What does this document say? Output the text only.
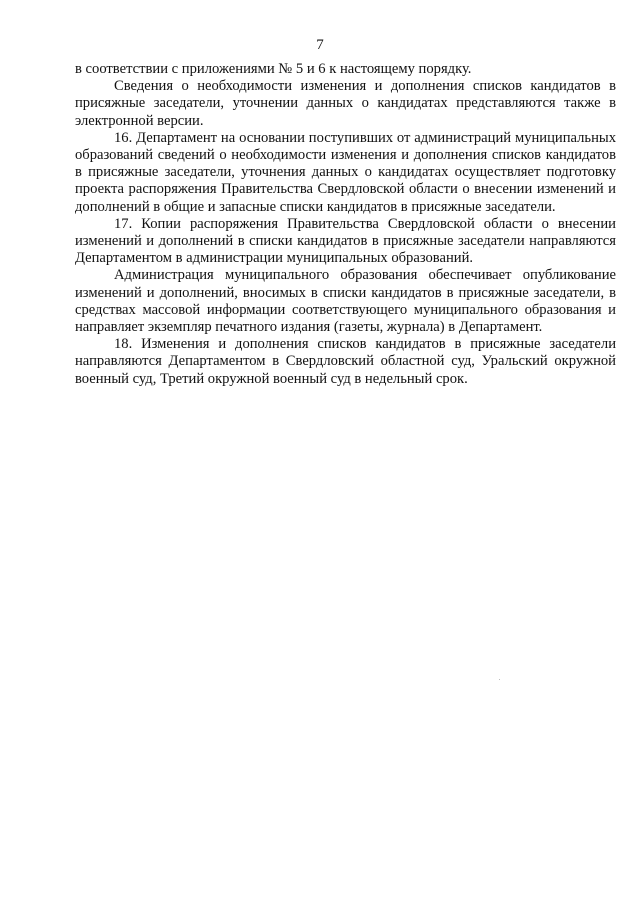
7

в соответствии с приложениями № 5 и 6 к настоящему порядку.

Сведения о необходимости изменения и дополнения списков кандидатов в присяжные заседатели, уточнении данных о кандидатах представляются также в электронной версии.

16. Департамент на основании поступивших от администраций муниципальных образований сведений о необходимости изменения и дополнения списков кандидатов в присяжные заседатели, уточнения данных о кандидатах осуществляет подготовку проекта распоряжения Правительства Свердловской области о внесении изменений и дополнений в общие и запасные списки кандидатов в присяжные заседатели.

17. Копии распоряжения Правительства Свердловской области о внесении изменений и дополнений в списки кандидатов в присяжные заседатели направляются Департаментом в администрации муниципальных образований.

Администрация муниципального образования обеспечивает опубликование изменений и дополнений, вносимых в списки кандидатов в присяжные заседатели, в средствах массовой информации соответствующего муниципального образования и направляет экземпляр печатного издания (газеты, журнала) в Департамент.

18. Изменения и дополнения списков кандидатов в присяжные заседатели направляются Департаментом в Свердловский областной суд, Уральский окружной военный суд, Третий окружной военный суд в недельный срок.
